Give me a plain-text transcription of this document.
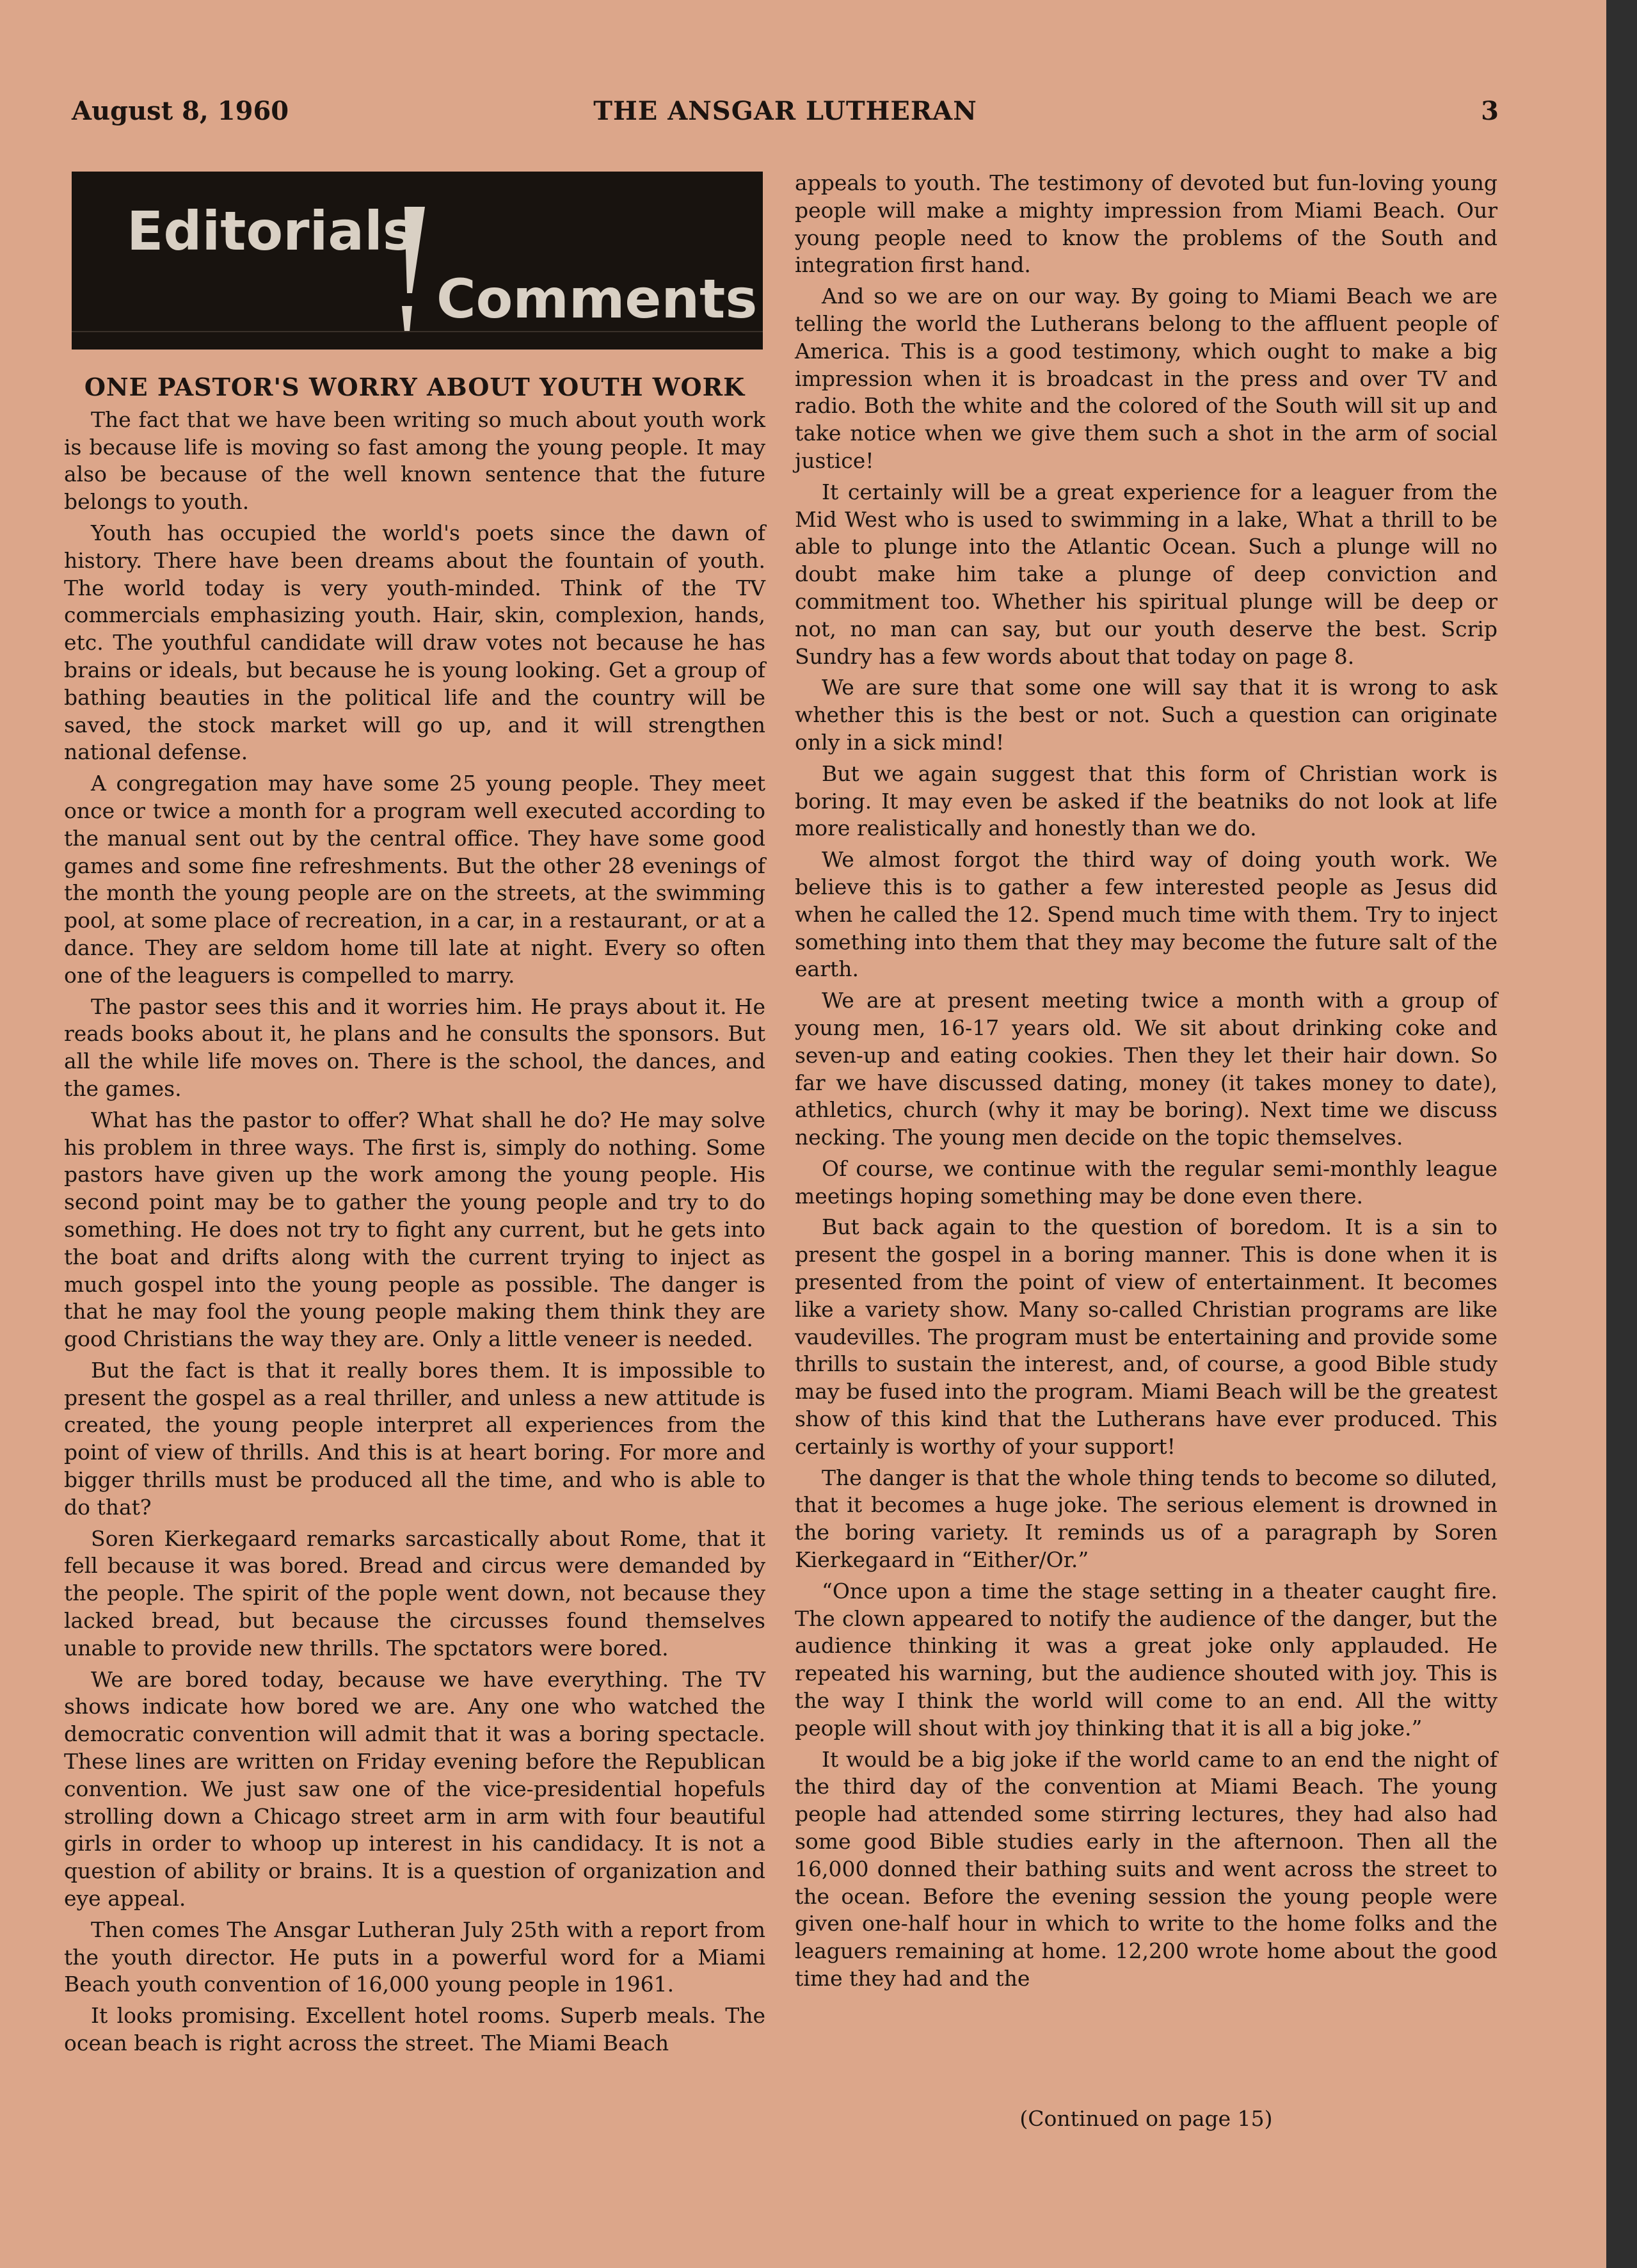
August 8, 1960	THE ANSGAR LUTHERAN	3
Editorials
Comments

ONE PASTOR'S WORRY ABOUT YOUTH WORK

The fact that we have been writing so much about youth work is because life is moving so fast among the young people. It may also be because of the well known sentence that the future belongs to youth.

Youth has occupied the world's poets since the dawn of history. There have been dreams about the fountain of youth. The world today is very youth-minded. Think of the TV commercials emphasizing youth. Hair, skin, complexion, hands, etc. The youthful candidate will draw votes not because he has brains or ideals, but because he is young looking. Get a group of bathing beauties in the political life and the country will be saved, the stock market will go up, and it will strengthen national defense.

A congregation may have some 25 young people. They meet once or twice a month for a program well executed according to the manual sent out by the central office. They have some good games and some fine refreshments. But the other 28 evenings of the month the young people are on the streets, at the swimming pool, at some place of recreation, in a car, in a restaurant, or at a dance. They are seldom home till late at night. Every so often one of the leaguers is compelled to marry.

The pastor sees this and it worries him. He prays about it. He reads books about it, he plans and he consults the sponsors. But all the while life moves on. There is the school, the dances, and the games.

What has the pastor to offer? What shall he do? He may solve his problem in three ways. The first is, simply do nothing. Some pastors have given up the work among the young people. His second point may be to gather the young people and try to do something. He does not try to fight any current, but he gets into the boat and drifts along with the current trying to inject as much gospel into the young people as possible. The danger is that he may fool the young people making them think they are good Christians the way they are. Only a little veneer is needed.

But the fact is that it really bores them. It is impossible to present the gospel as a real thriller, and unless a new attitude is created, the young people interpret all experiences from the point of view of thrills. And this is at heart boring. For more and bigger thrills must be produced all the time, and who is able to do that?

Soren Kierkegaard remarks sarcastically about Rome, that it fell because it was bored. Bread and circus were demanded by the people. The spirit of the pople went down, not because they lacked bread, but because the circusses found themselves unable to provide new thrills. The spctators were bored.

We are bored today, because we have everything. The TV shows indicate how bored we are. Any one who watched the democratic convention will admit that it was a boring spectacle. These lines are written on Friday evening before the Republican convention. We just saw one of the vice-presidential hopefuls strolling down a Chicago street arm in arm with four beautiful girls in order to whoop up interest in his candidacy. It is not a question of ability or brains. It is a question of organization and eye appeal.

Then comes The Ansgar Lutheran July 25th with a report from the youth director. He puts in a powerful word for a Miami Beach youth convention of 16,000 young people in 1961.

It looks promising. Excellent hotel rooms. Superb meals. The ocean beach is right across the street. The Miami Beach

appeals to youth. The testimony of devoted but fun-loving young people will make a mighty impression from Miami Beach. Our young people need to know the problems of the South and integration first hand.

And so we are on our way. By going to Miami Beach we are telling the world the Lutherans belong to the affluent people of America. This is a good testimony, which ought to make a big impression when it is broadcast in the press and over TV and radio. Both the white and the colored of the South will sit up and take notice when we give them such a shot in the arm of social justice!

It certainly will be a great experience for a leaguer from the Mid West who is used to swimming in a lake, What a thrill to be able to plunge into the Atlantic Ocean. Such a plunge will no doubt make him take a plunge of deep conviction and commitment too. Whether his spiritual plunge will be deep or not, no man can say, but our youth deserve the best. Scrip Sundry has a few words about that today on page 8.

We are sure that some one will say that it is wrong to ask whether this is the best or not. Such a question can originate only in a sick mind!

But we again suggest that this form of Christian work is boring. It may even be asked if the beatniks do not look at life more realistically and honestly than we do.

We almost forgot the third way of doing youth work. We believe this is to gather a few interested people as Jesus did when he called the 12. Spend much time with them. Try to inject something into them that they may become the future salt of the earth.

We are at present meeting twice a month with a group of young men, 16-17 years old. We sit about drinking coke and seven-up and eating cookies. Then they let their hair down. So far we have discussed dating, money (it takes money to date), athletics, church (why it may be boring). Next time we discuss necking. The young men decide on the topic themselves.

Of course, we continue with the regular semi-monthly league meetings hoping something may be done even there.

But back again to the question of boredom. It is a sin to present the gospel in a boring manner. This is done when it is presented from the point of view of entertainment. It becomes like a variety show. Many so-called Christian programs are like vaudevilles. The program must be entertaining and provide some thrills to sustain the interest, and, of course, a good Bible study may be fused into the program. Miami Beach will be the greatest show of this kind that the Lutherans have ever produced. This certainly is worthy of your support!

The danger is that the whole thing tends to become so diluted, that it becomes a huge joke. The serious element is drowned in the boring variety. It reminds us of a paragraph by Soren Kierkegaard in “Either/Or.”

“Once upon a time the stage setting in a theater caught fire. The clown appeared to notify the audience of the danger, but the audience thinking it was a great joke only applauded. He repeated his warning, but the audience shouted with joy. This is the way I think the world will come to an end. All the witty people will shout with joy thinking that it is all a big joke.”

It would be a big joke if the world came to an end the night of the third day of the convention at Miami Beach. The young people had attended some stirring lectures, they had also had some good Bible studies early in the afternoon. Then all the 16,000 donned their bathing suits and went across the street to the ocean. Before the evening session the young people were given one-half hour in which to write to the home folks and the leaguers remaining at home. 12,200 wrote home about the good time they had and the

(Continued on page 15)
